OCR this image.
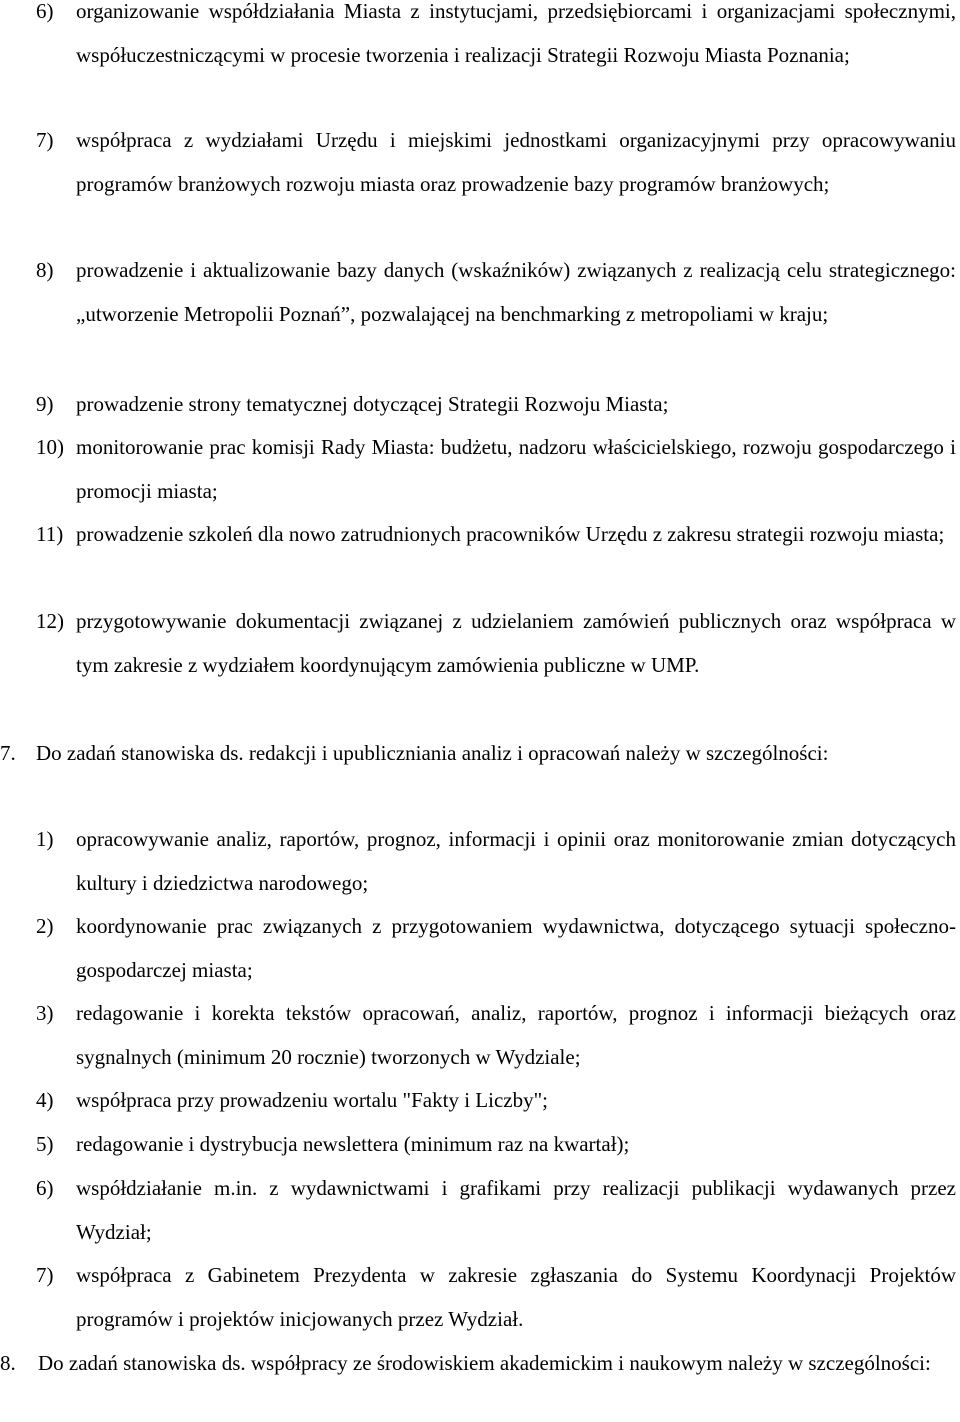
6) organizowanie współdziałania Miasta z instytucjami, przedsiębiorcami i organizacjami społecznymi, współuczestniczącymi w procesie tworzenia i realizacji Strategii Rozwoju Miasta Poznania;
7) współpraca z wydziałami Urzędu i miejskimi jednostkami organizacyjnymi przy opracowywaniu programów branżowych rozwoju miasta oraz prowadzenie bazy programów branżowych;
8) prowadzenie i aktualizowanie bazy danych (wskaźników) związanych z realizacją celu strategicznego: „utworzenie Metropolii Poznań”, pozwalającej na benchmarking z metropoliami w kraju;
9) prowadzenie strony tematycznej dotyczącej Strategii Rozwoju Miasta;
10) monitorowanie prac komisji Rady Miasta: budżetu, nadzoru właścicielskiego, rozwoju gospodarczego i promocji miasta;
11) prowadzenie szkoleń dla nowo zatrudnionych pracowników Urzędu z zakresu strategii rozwoju miasta;
12) przygotowywanie dokumentacji związanej z udzielaniem zamówień publicznych oraz współpraca w tym zakresie z wydziałem koordynującym zamówienia publiczne w UMP.
7. Do zadań stanowiska ds. redakcji i upubliczniania analiz i opracowań należy w szczególności:
1) opracowywanie analiz, raportów, prognoz, informacji i opinii oraz monitorowanie zmian dotyczących kultury i dziedzictwa narodowego;
2) koordynowanie prac związanych z przygotowaniem wydawnictwa, dotyczącego sytuacji społeczno-gospodarczej miasta;
3) redagowanie i korekta tekstów opracowań, analiz, raportów, prognoz i informacji bieżących oraz sygnalnych (minimum 20 rocznie) tworzonych w Wydziale;
4) współpraca przy prowadzeniu wortalu "Fakty i Liczby";
5) redagowanie i dystrybucja newslettera (minimum raz na kwartał);
6) współdziałanie m.in. z wydawnictwami i grafikami przy realizacji publikacji wydawanych przez Wydział;
7) współpraca z Gabinetem Prezydenta w zakresie zgłaszania do Systemu Koordynacji Projektów programów i projektów inicjowanych przez Wydział.
8. Do zadań stanowiska ds. współpracy ze środowiskiem akademickim i naukowym należy w szczególności:
